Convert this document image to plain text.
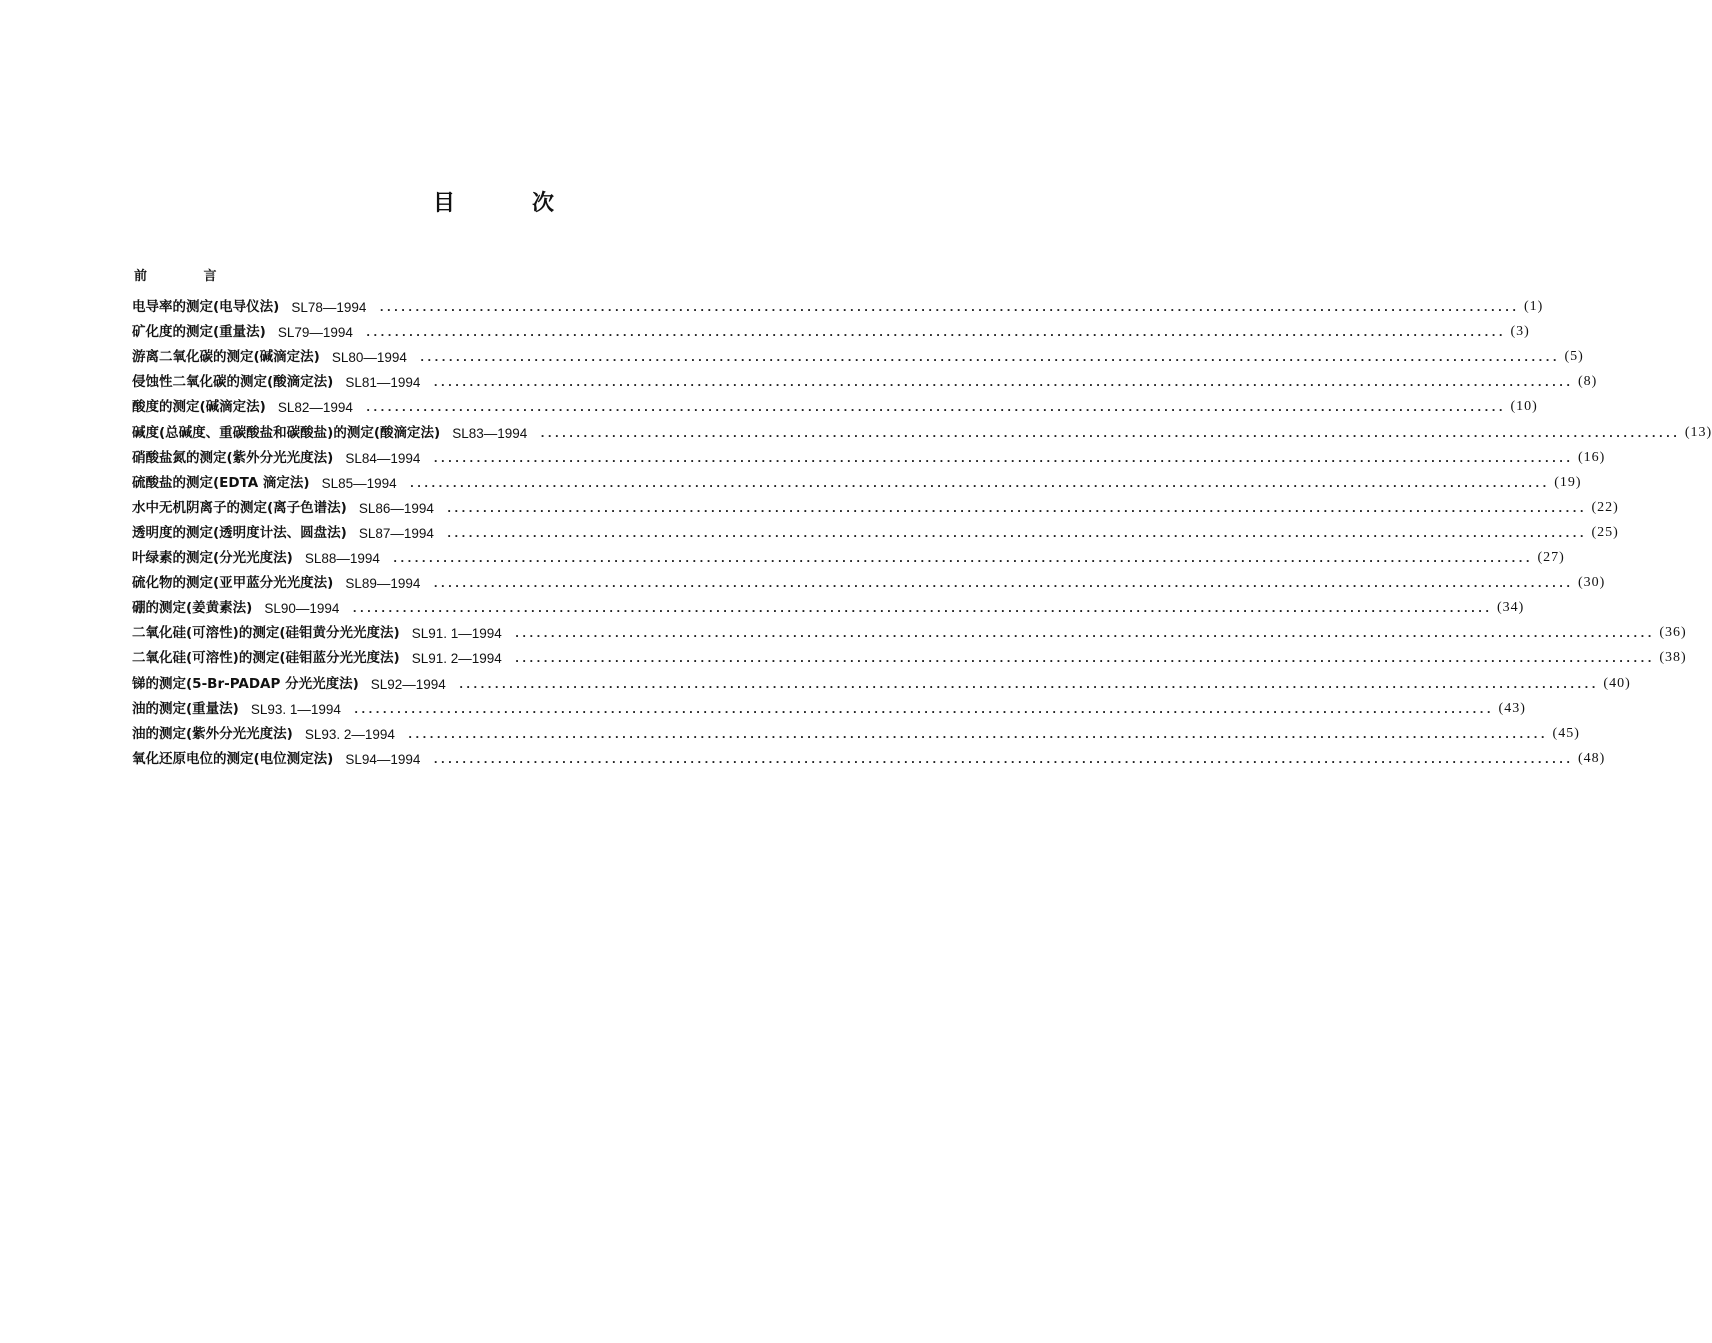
目	次
前 言
电导率的测定(电导仪法) SL78—1994 ................................................................................................................................................................ (1)
矿化度的测定(重量法) SL79—1994 ................................................................................................................................................................ (3)
游离二氧化碳的测定(碱滴定法) SL80—1994 ................................................................................................................................................................ (5)
侵蚀性二氧化碳的测定(酸滴定法) SL81—1994 ................................................................................................................................................................ (8)
酸度的测定(碱滴定法) SL82—1994 ................................................................................................................................................................ (10)
碱度(总碱度、重碳酸盐和碳酸盐)的测定(酸滴定法) SL83—1994 ................................................................................................................................................................ (13)
硝酸盐氮的测定(紫外分光光度法) SL84—1994 ................................................................................................................................................................ (16)
硫酸盐的测定(EDTA 滴定法) SL85—1994 ................................................................................................................................................................ (19)
水中无机阴离子的测定(离子色谱法) SL86—1994 ................................................................................................................................................................ (22)
透明度的测定(透明度计法、圆盘法) SL87—1994 ................................................................................................................................................................ (25)
叶绿素的测定(分光光度法) SL88—1994 ................................................................................................................................................................ (27)
硫化物的测定(亚甲蓝分光光度法) SL89—1994 ................................................................................................................................................................ (30)
硼的测定(姜黄素法) SL90—1994 ................................................................................................................................................................ (34)
二氧化硅(可溶性)的测定(硅钼黄分光光度法) SL91. 1—1994 ................................................................................................................................................................ (36)
二氧化硅(可溶性)的测定(硅钼蓝分光光度法) SL91. 2—1994 ................................................................................................................................................................ (38)
锑的测定(5-Br-PADAP 分光光度法) SL92—1994 ................................................................................................................................................................ (40)
油的测定(重量法) SL93. 1—1994 ................................................................................................................................................................ (43)
油的测定(紫外分光光度法) SL93. 2—1994 ................................................................................................................................................................ (45)
氧化还原电位的测定(电位测定法) SL94—1994 ................................................................................................................................................................ (48)
